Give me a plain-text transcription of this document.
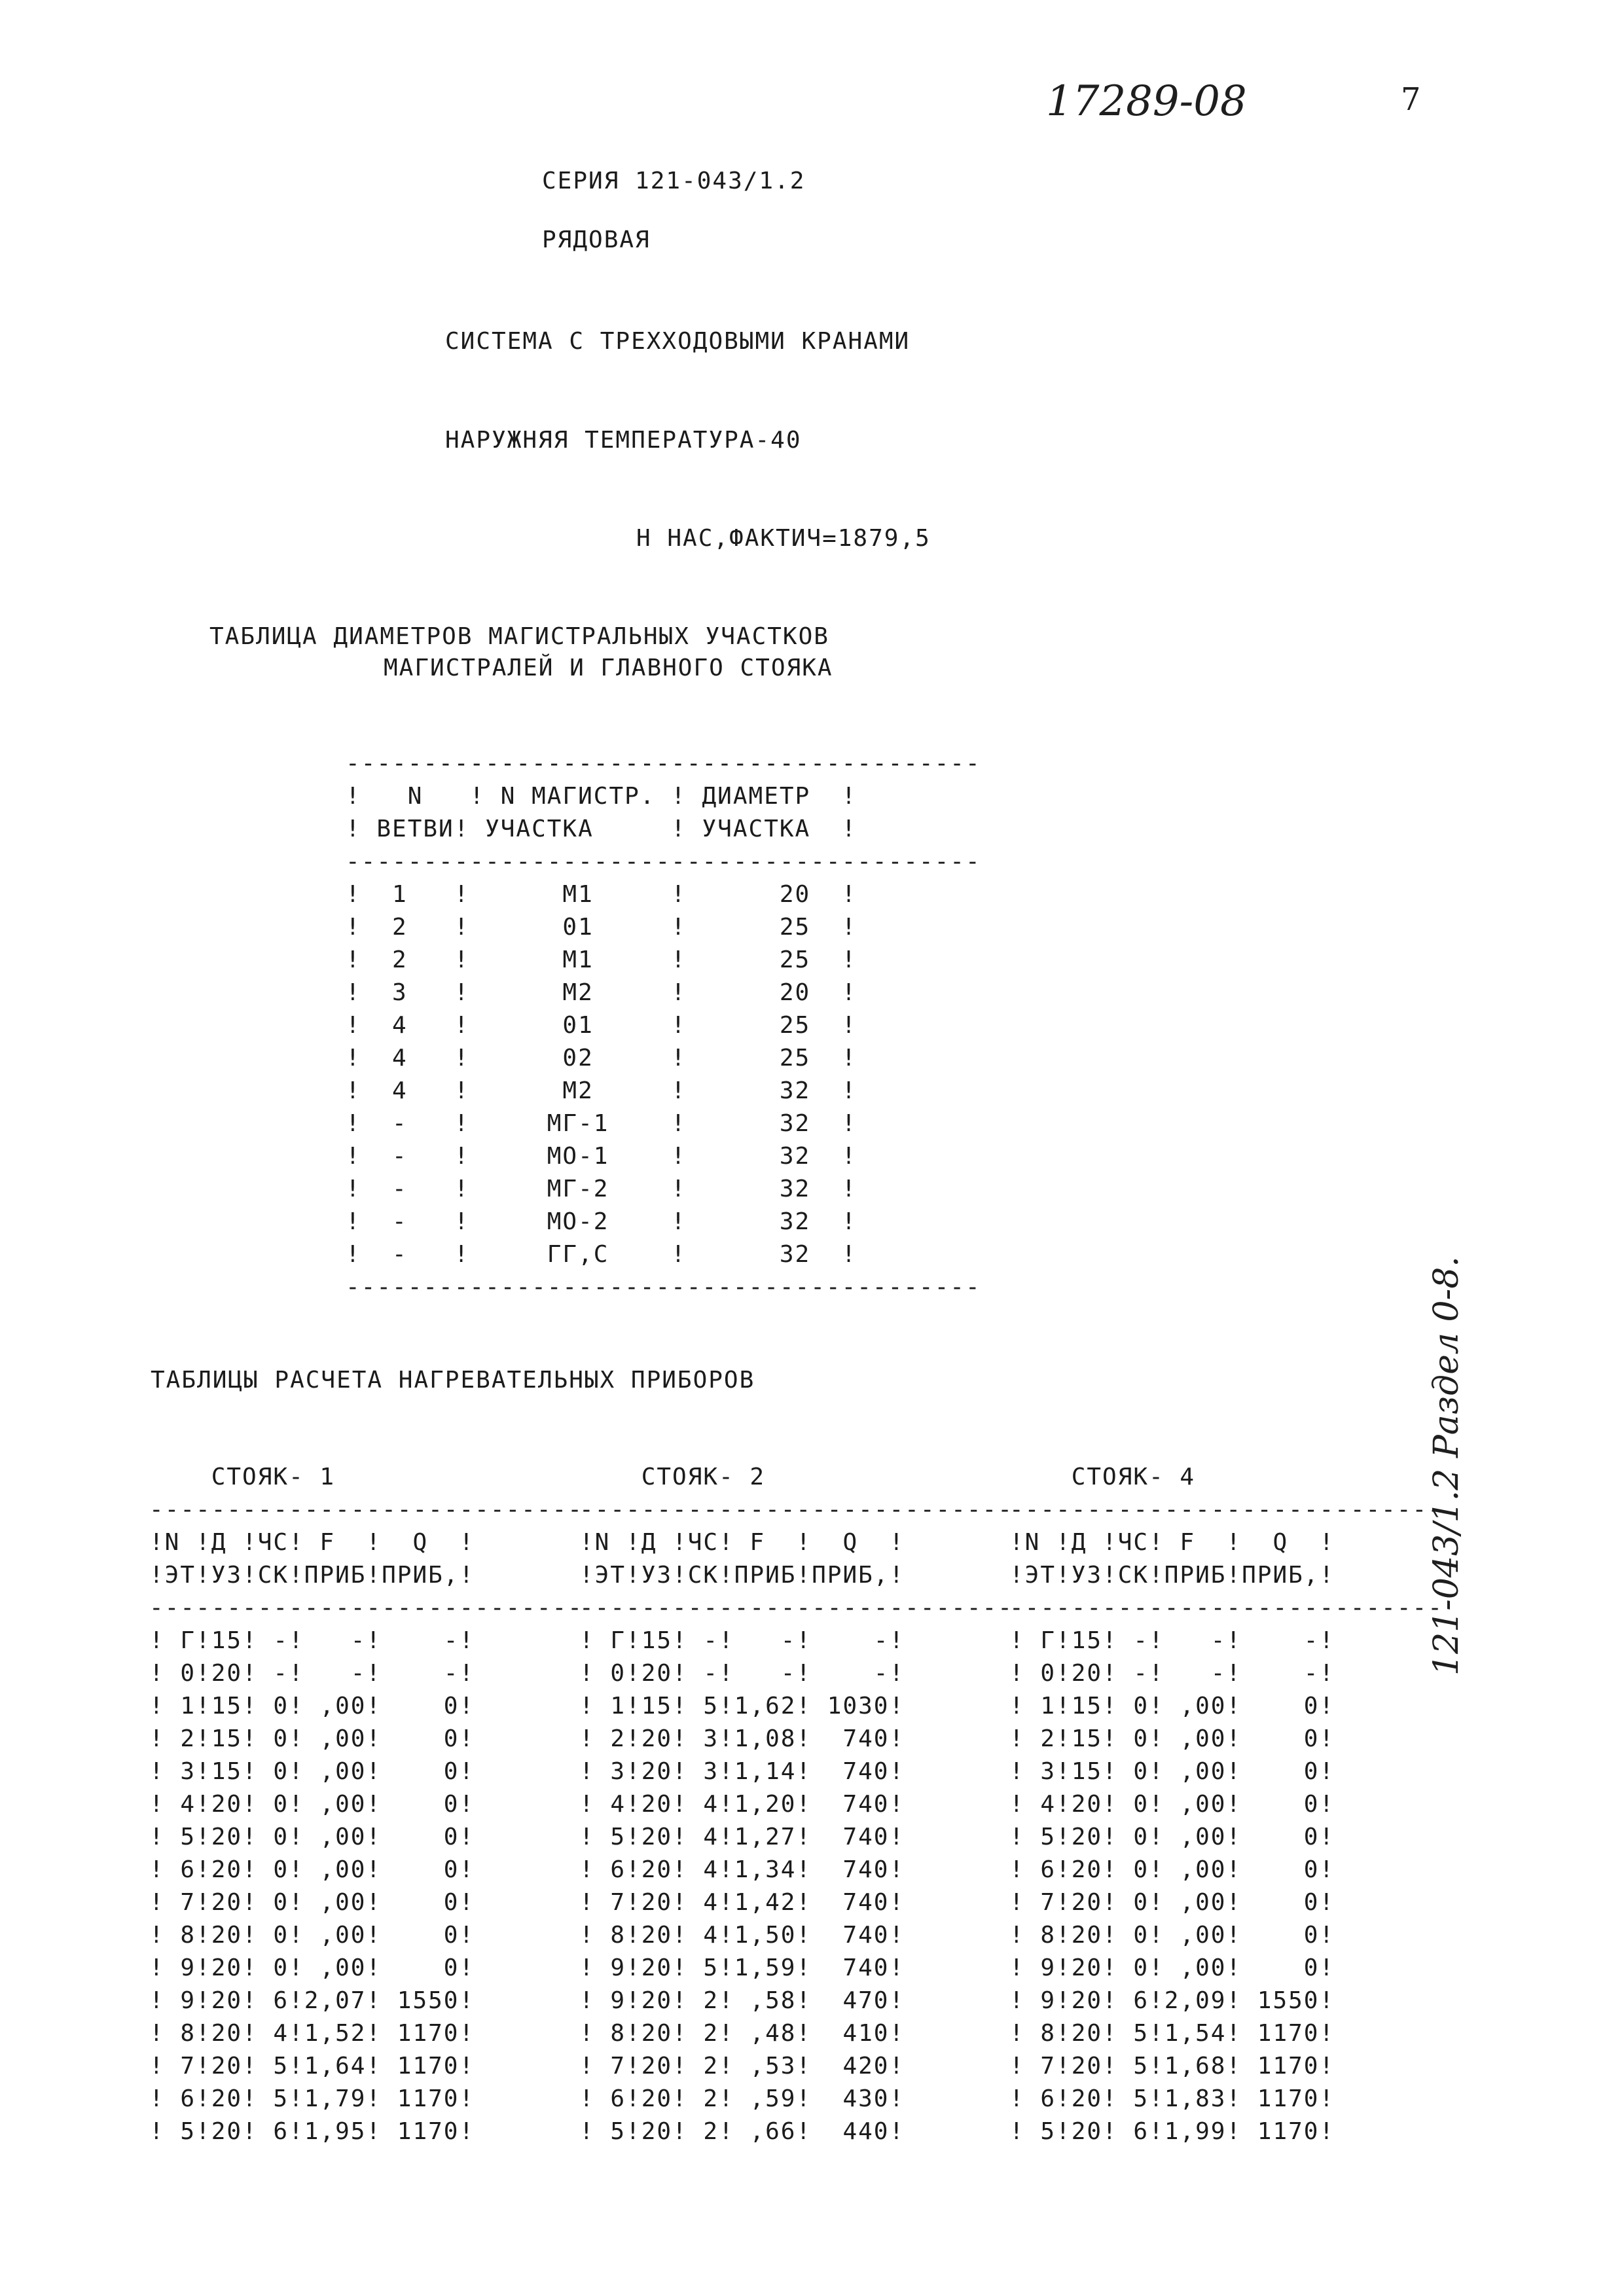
17289-08	7
СЕРИЯ 121-043/1.2
РЯДОВАЯ
СИСТЕМА С ТРЕХХОДОВЫМИ КРАНАМИ
НАРУЖНЯЯ ТЕМПЕРАТУРА-40
Н НАС,ФАКТИЧ=1879,5
ТАБЛИЦА ДИАМЕТРОВ МАГИСТРАЛЬНЫХ УЧАСТКОВ
МАГИСТРАЛЕЙ И ГЛАВНОГО СТОЯКА
-----------------------------------------
!   N   ! N МАГИСТР. ! ДИАМЕТР  !
! ВЕТВИ! УЧАСТКА     ! УЧАСТКА  !
-----------------------------------------
!  1   !      М1     !      20  !
!  2   !      01     !      25  !
!  2   !      М1     !      25  !
!  3   !      М2     !      20  !
!  4   !      01     !      25  !
!  4   !      02     !      25  !
!  4   !      М2     !      32  !
!  -   !     МГ-1    !      32  !
!  -   !     МО-1    !      32  !
!  -   !     МГ-2    !      32  !
!  -   !     МО-2    !      32  !
!  -   !     ГГ,С    !      32  !
-----------------------------------------

ТАБЛИЦЫ РАСЧЕТА НАГРЕВАТЕЛЬНЫХ ПРИБОРОВ
СТОЯК- 1
----------------------------
!N !Д !ЧС! F  !  Q  !
!ЭТ!УЗ!СК!ПРИБ!ПРИБ,!
----------------------------
! Г!15! -!   -!    -!
! 0!20! -!   -!    -!
! 1!15! 0! ,00!    0!
! 2!15! 0! ,00!    0!
! 3!15! 0! ,00!    0!
! 4!20! 0! ,00!    0!
! 5!20! 0! ,00!    0!
! 6!20! 0! ,00!    0!
! 7!20! 0! ,00!    0!
! 8!20! 0! ,00!    0!
! 9!20! 0! ,00!    0!
! 9!20! 6!2,07! 1550!
! 8!20! 4!1,52! 1170!
! 7!20! 5!1,64! 1170!
! 6!20! 5!1,79! 1170!
! 5!20! 6!1,95! 1170!

СТОЯК- 2
----------------------------
!N !Д !ЧС! F  !  Q  !
!ЭТ!УЗ!СК!ПРИБ!ПРИБ,!
----------------------------
! Г!15! -!   -!    -!
! 0!20! -!   -!    -!
! 1!15! 5!1,62! 1030!
! 2!20! 3!1,08!  740!
! 3!20! 3!1,14!  740!
! 4!20! 4!1,20!  740!
! 5!20! 4!1,27!  740!
! 6!20! 4!1,34!  740!
! 7!20! 4!1,42!  740!
! 8!20! 4!1,50!  740!
! 9!20! 5!1,59!  740!
! 9!20! 2! ,58!  470!
! 8!20! 2! ,48!  410!
! 7!20! 2! ,53!  420!
! 6!20! 2! ,59!  430!
! 5!20! 2! ,66!  440!

СТОЯК- 4
----------------------------
!N !Д !ЧС! F  !  Q  !
!ЭТ!УЗ!СК!ПРИБ!ПРИБ,!
----------------------------
! Г!15! -!   -!    -!
! 0!20! -!   -!    -!
! 1!15! 0! ,00!    0!
! 2!15! 0! ,00!    0!
! 3!15! 0! ,00!    0!
! 4!20! 0! ,00!    0!
! 5!20! 0! ,00!    0!
! 6!20! 0! ,00!    0!
! 7!20! 0! ,00!    0!
! 8!20! 0! ,00!    0!
! 9!20! 0! ,00!    0!
! 9!20! 6!2,09! 1550!
! 8!20! 5!1,54! 1170!
! 7!20! 5!1,68! 1170!
! 6!20! 5!1,83! 1170!
! 5!20! 6!1,99! 1170!

121-043/1.2 Раздел 0-8.
